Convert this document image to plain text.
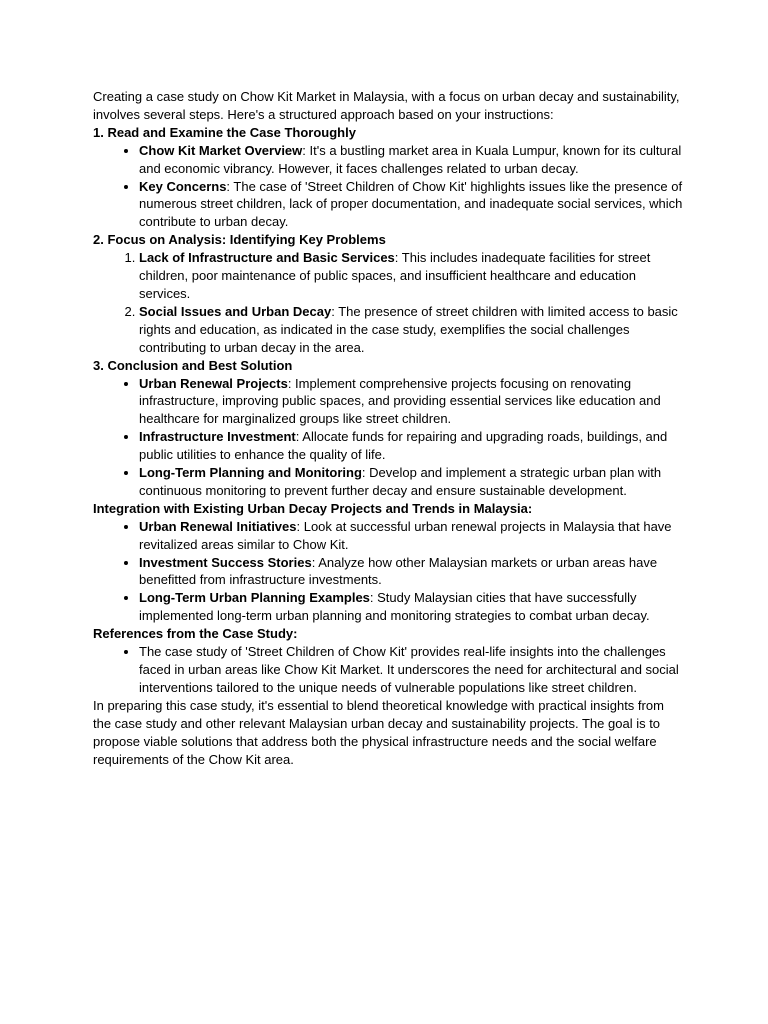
Creating a case study on Chow Kit Market in Malaysia, with a focus on urban decay and sustainability, involves several steps. Here's a structured approach based on your instructions:

1. Read and Examine the Case Thoroughly

• Chow Kit Market Overview: It's a bustling market area in Kuala Lumpur, known for its cultural and economic vibrancy. However, it faces challenges related to urban decay.
• Key Concerns: The case of 'Street Children of Chow Kit' highlights issues like the presence of numerous street children, lack of proper documentation, and inadequate social services, which contribute to urban decay.

2. Focus on Analysis: Identifying Key Problems

1. Lack of Infrastructure and Basic Services: This includes inadequate facilities for street children, poor maintenance of public spaces, and insufficient healthcare and education services.
2. Social Issues and Urban Decay: The presence of street children with limited access to basic rights and education, as indicated in the case study, exemplifies the social challenges contributing to urban decay in the area.

3. Conclusion and Best Solution

• Urban Renewal Projects: Implement comprehensive projects focusing on renovating infrastructure, improving public spaces, and providing essential services like education and healthcare for marginalized groups like street children.
• Infrastructure Investment: Allocate funds for repairing and upgrading roads, buildings, and public utilities to enhance the quality of life.
• Long-Term Planning and Monitoring: Develop and implement a strategic urban plan with continuous monitoring to prevent further decay and ensure sustainable development.

Integration with Existing Urban Decay Projects and Trends in Malaysia:

• Urban Renewal Initiatives: Look at successful urban renewal projects in Malaysia that have revitalized areas similar to Chow Kit.
• Investment Success Stories: Analyze how other Malaysian markets or urban areas have benefitted from infrastructure investments.
• Long-Term Urban Planning Examples: Study Malaysian cities that have successfully implemented long-term urban planning and monitoring strategies to combat urban decay.

References from the Case Study:

• The case study of 'Street Children of Chow Kit' provides real-life insights into the challenges faced in urban areas like Chow Kit Market. It underscores the need for architectural and social interventions tailored to the unique needs of vulnerable populations like street children.

In preparing this case study, it's essential to blend theoretical knowledge with practical insights from the case study and other relevant Malaysian urban decay and sustainability projects. The goal is to propose viable solutions that address both the physical infrastructure needs and the social welfare requirements of the Chow Kit area.
